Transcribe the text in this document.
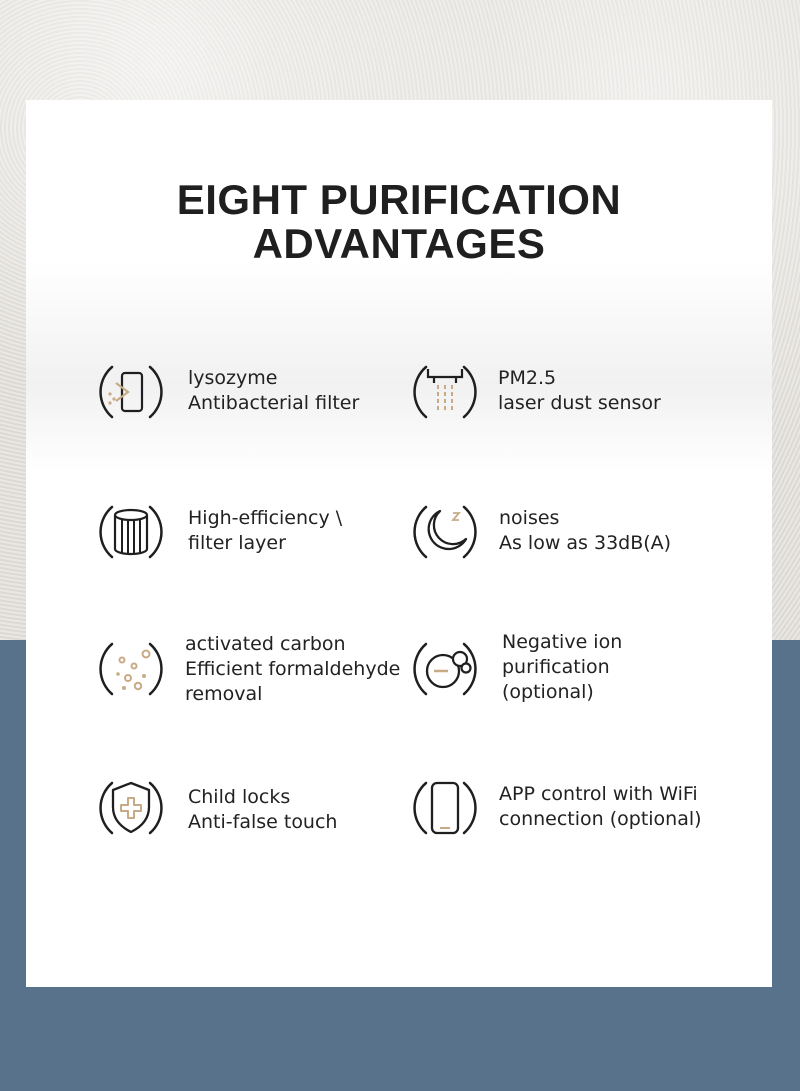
EIGHT PURIFICATION
ADVANTAGES
lysozyme
Antibacterial filter
PM2.5
laser dust sensor
High-efficiency \
filter layer
noises
As low as 33dB(A)
activated carbon
Efficient formaldehyde
removal
Negative ion
purification
(optional)
Child locks
Anti-false touch
APP control with WiFi
connection (optional)
